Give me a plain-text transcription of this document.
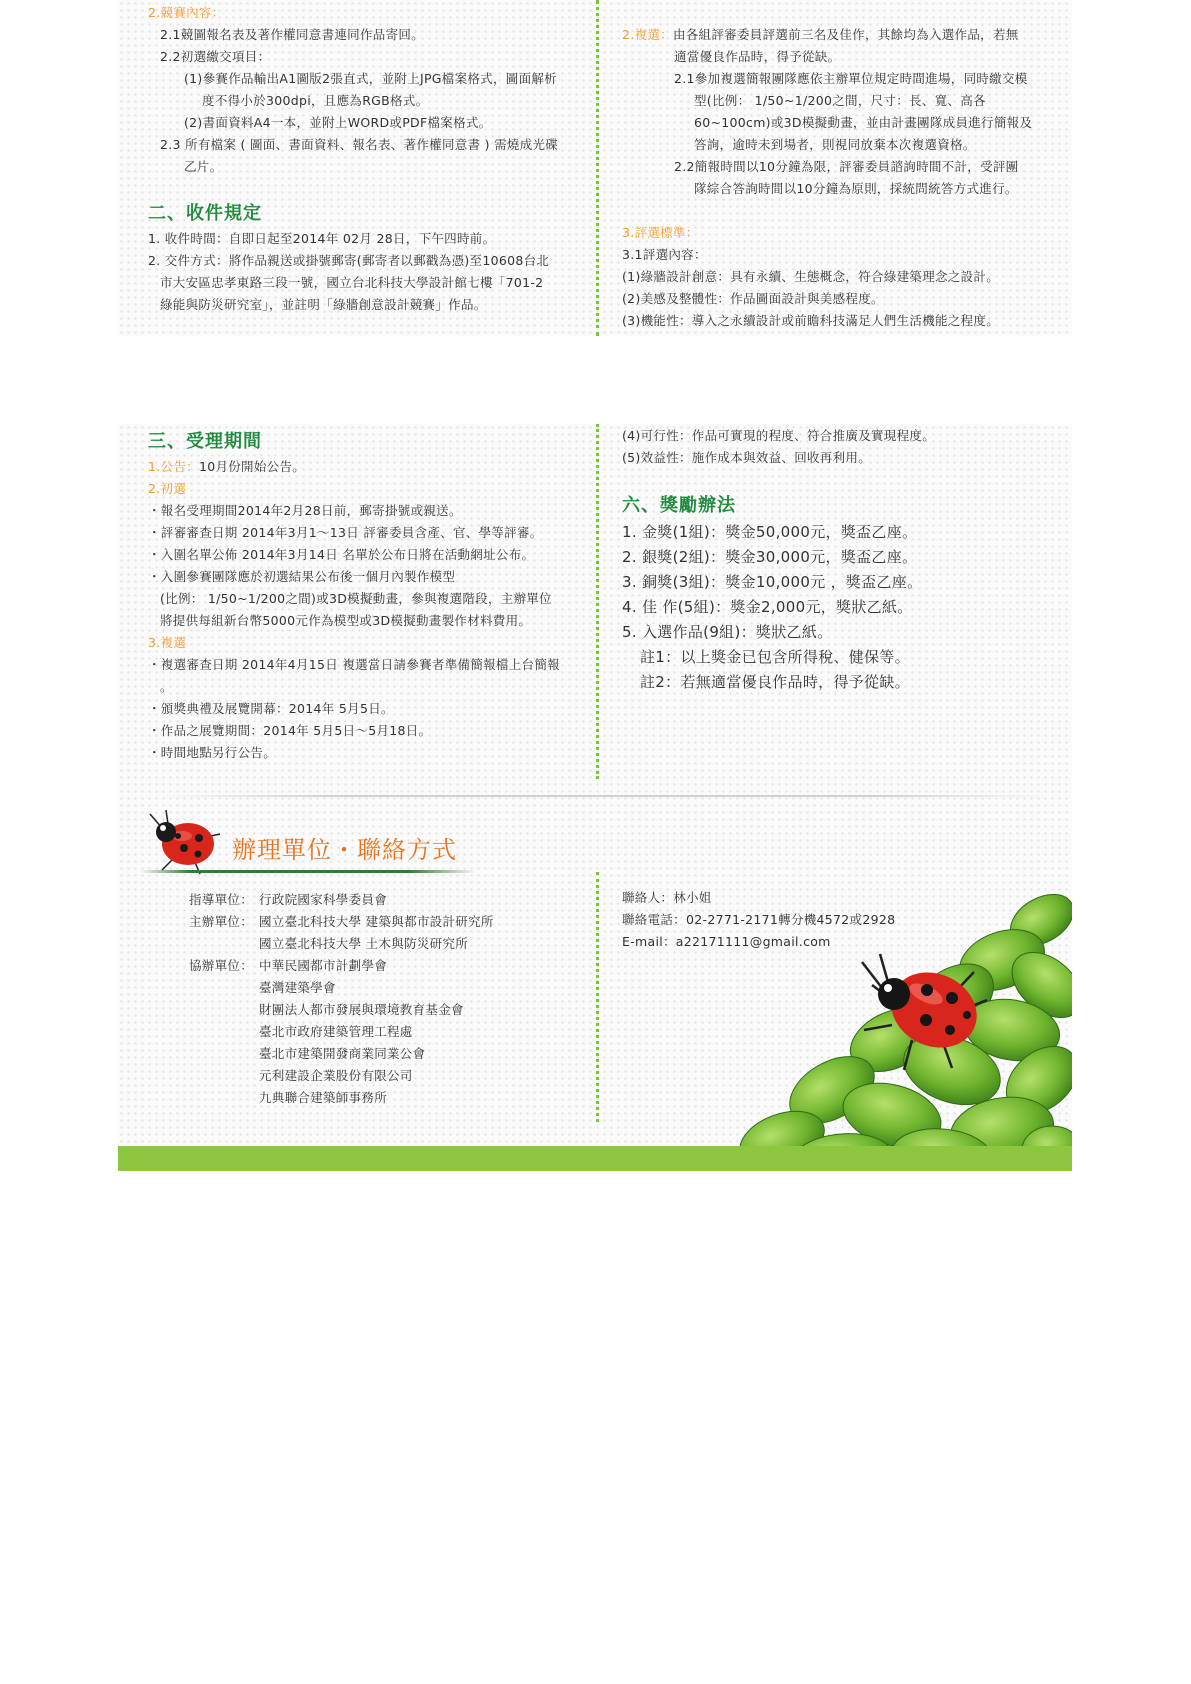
2.競賽內容：

2.1競圖報名表及著作權同意書連同作品寄回。

2.2初選繳交項目：

(1)參賽作品輸出A1圖版2張直式，並附上JPG檔案格式，圖面解析

度不得小於300dpi，且應為RGB格式。

(2)書面資料A4一本，並附上WORD或PDF檔案格式。

2.3 所有檔案 ( 圖面、書面資料、報名表、著作權同意書 ) 需燒成光碟

乙片。

二、收件規定

1. 收件時間：自即日起至2014年 02月 28日，下午四時前。

2. 交件方式：將作品親送或掛號郵寄(郵寄者以郵戳為憑)至10608台北

市大安區忠孝東路三段一號，國立台北科技大學設計館七樓「701-2

綠能與防災研究室」，並註明「綠牆創意設計競賽」作品。

2.複選：由各組評審委員評選前三名及佳作，其餘均為入選作品，若無

適當優良作品時，得予從缺。

2.1參加複選簡報團隊應依主辦單位規定時間進場，同時繳交模

型(比例： 1/50~1/200之間，尺寸：長、寬、高各

60~100cm)或3D模擬動畫，並由計畫團隊成員進行簡報及

答詢，逾時未到場者，則視同放棄本次複選資格。

2.2簡報時間以10分鐘為限，評審委員諮詢時間不計，受評團

隊綜合答詢時間以10分鐘為原則，採統問統答方式進行。

3.評選標準：

3.1評選內容：

(1)綠牆設計創意：具有永續、生態概念，符合綠建築理念之設計。

(2)美感及整體性：作品圖面設計與美感程度。

(3)機能性：導入之永續設計或前瞻科技滿足人們生活機能之程度。

三、受理期間

1.公告：10月份開始公告。

2.初選

・報名受理期間2014年2月28日前，郵寄掛號或親送。

・評審審查日期 2014年3月1～13日 評審委員含產、官、學等評審。

・入圍名單公佈 2014年3月14日 名單於公布日將在活動網址公布。

・入圍參賽團隊應於初選結果公布後一個月內製作模型

(比例： 1/50~1/200之間)或3D模擬動畫，參與複選階段，主辦單位

將提供每組新台幣5000元作為模型或3D模擬動畫製作材料費用。

3.複選

・複選審查日期 2014年4月15日 複選當日請參賽者準備簡報檔上台簡報

。

・頒獎典禮及展覽開幕：2014年 5月5日。

・作品之展覽期間：2014年 5月5日～5月18日。

・時間地點另行公告。

(4)可行性：作品可實現的程度、符合推廣及實現程度。

(5)效益性：施作成本與效益、回收再利用。

六、獎勵辦法

1. 金獎(1組)：獎金50,000元，獎盃乙座。

2. 銀獎(2組)：獎金30,000元，獎盃乙座。

3. 銅獎(3組)：獎金10,000元 ，獎盃乙座。

4. 佳 作(5組)：獎金2,000元，獎狀乙紙。

5. 入選作品(9組)：獎狀乙紙。

註1：以上獎金已包含所得稅、健保等。

註2：若無適當優良作品時，得予從缺。

辦理單位・聯絡方式
指導單位： 行政院國家科學委員會
主辦單位： 國立臺北科技大學 建築與都市設計研究所
國立臺北科技大學 土木與防災研究所
協辦單位： 中華民國都市計劃學會
臺灣建築學會
財團法人都市發展與環境教育基金會
臺北市政府建築管理工程處
臺北市建築開發商業同業公會
元利建設企業股份有限公司
九典聯合建築師事務所
聯絡人：林小姐
聯絡電話：02-2771-2171轉分機4572或2928
E-mail：a22171111@gmail.com
